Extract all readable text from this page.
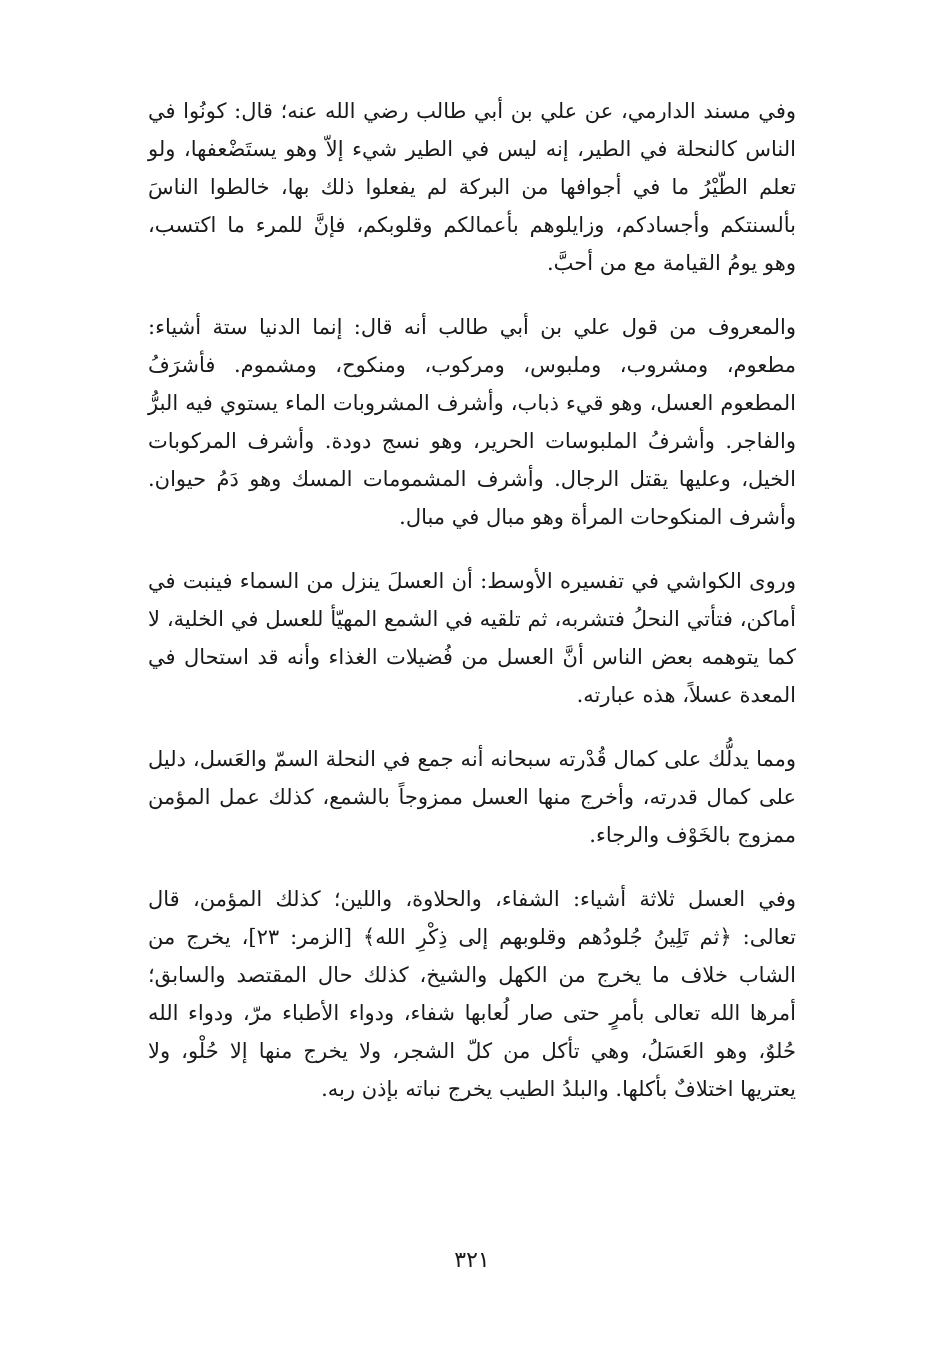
وفي مسند الدارمي، عن علي بن أبي طالب رضي الله عنه؛ قال: كونُوا في الناس كالنحلة في الطير، إنه ليس في الطير شيء إلاّ وهو يستَضْعفها، ولو تعلم الطّيْرُ ما في أجوافها من البركة لم يفعلوا ذلك بها، خالطوا الناسَ بألسنتكم وأجسادكم، وزايلوهم بأعمالكم وقلوبكم، فإنَّ للمرء ما اكتسب، وهو يومُ القيامة مع من أحبَّ.

والمعروف من قول علي بن أبي طالب أنه قال: إنما الدنيا ستة أشياء: مطعوم، ومشروب، وملبوس، ومركوب، ومنكوح، ومشموم. فأشرَفُ المطعوم العسل، وهو قيء ذباب، وأشرف المشروبات الماء يستوي فيه البرُّ والفاجر. وأشرفُ الملبوسات الحرير، وهو نسج دودة. وأشرف المركوبات الخيل، وعليها يقتل الرجال. وأشرف المشمومات المسك وهو دَمُ حيوان. وأشرف المنكوحات المرأة وهو مبال في مبال.

وروى الكواشي في تفسيره الأوسط: أن العسلَ ينزل من السماء فينبت في أماكن، فتأتي النحلُ فتشربه، ثم تلقيه في الشمع المهيّأ للعسل في الخلية، لا كما يتوهمه بعض الناس أنَّ العسل من فُضيلات الغذاء وأنه قد استحال في المعدة عسلاً، هذه عبارته.

ومما يدلُّك على كمال قُدْرته سبحانه أنه جمع في النحلة السمّ والعَسل، دليل على كمال قدرته، وأخرج منها العسل ممزوجاً بالشمع، كذلك عمل المؤمن ممزوج بالخَوْف والرجاء.

وفي العسل ثلاثة أشياء: الشفاء، والحلاوة، واللين؛ كذلك المؤمن، قال تعالى: ﴿ثم تَلِينُ جُلودُهم وقلوبهم إلى ذِكْرِ الله﴾ [الزمر: ٢٣]، يخرج من الشاب خلاف ما يخرج من الكهل والشيخ، كذلك حال المقتصد والسابق؛ أمرها الله تعالى بأمرٍ حتى صار لُعابها شفاء، ودواء الأطباء مرّ، ودواء الله حُلوٌ، وهو العَسَلُ، وهي تأكل من كلّ الشجر، ولا يخرج منها إلا حُلْو، ولا يعتريها اختلافٌ بأكلها. والبلدُ الطيب يخرج نباته بإذن ربه.

٣٢١
